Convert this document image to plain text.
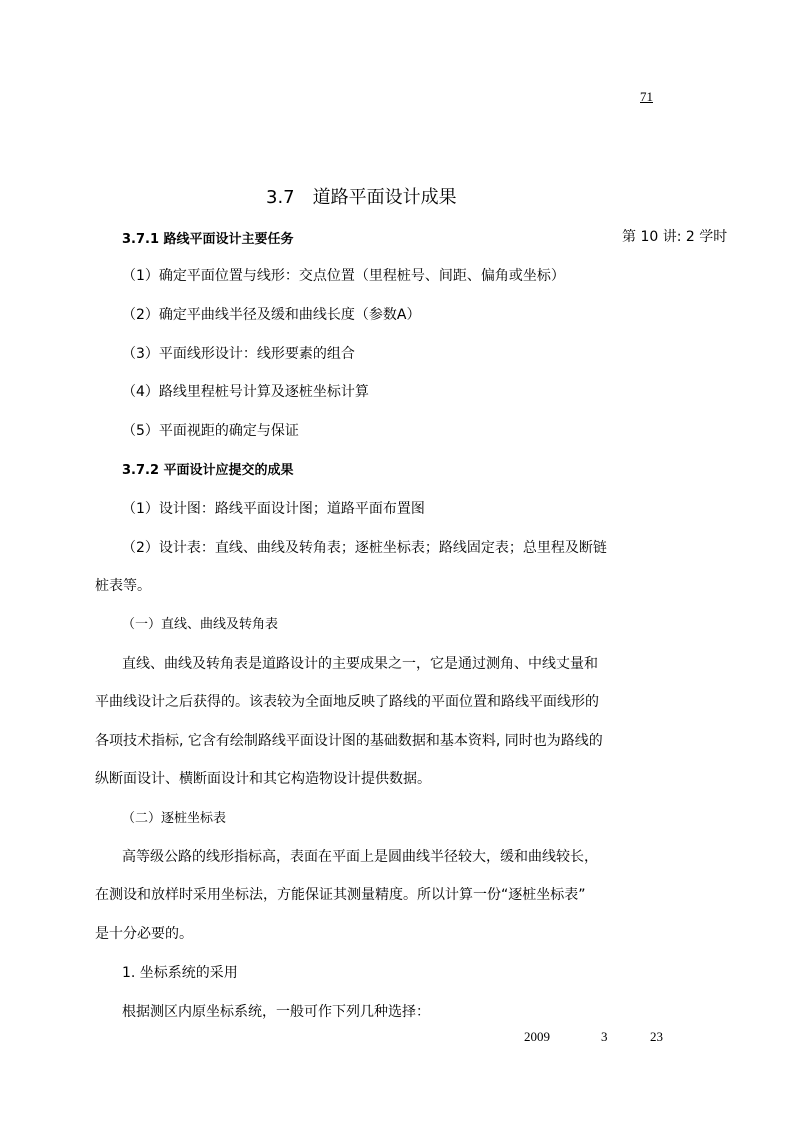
71
3.7　道路平面设计成果
3.7.1 路线平面设计主要任务	第 10 讲: 2 学时
（1）确定平面位置与线形：交点位置（里程桩号、间距、偏角或坐标）
（2）确定平曲线半径及缓和曲线长度（参数A）
（3）平面线形设计：线形要素的组合
（4）路线里程桩号计算及逐桩坐标计算
（5）平面视距的确定与保证
3.7.2 平面设计应提交的成果
（1）设计图：路线平面设计图；道路平面布置图
（2）设计表：直线、曲线及转角表；逐桩坐标表；路线固定表；总里程及断链
桩表等。
（一）直线、曲线及转角表
直线、曲线及转角表是道路设计的主要成果之一，它是通过测角、中线丈量和
平曲线设计之后获得的。该表较为全面地反映了路线的平面位置和路线平面线形的
各项技术指标, 它含有绘制路线平面设计图的基础数据和基本资料, 同时也为路线的
纵断面设计、横断面设计和其它构造物设计提供数据。
（二）逐桩坐标表
高等级公路的线形指标高，表面在平面上是圆曲线半径较大，缓和曲线较长，
在测设和放样时采用坐标法，方能保证其测量精度。所以计算一份“逐桩坐标表”
是十分必要的。
1. 坐标系统的采用
根据测区内原坐标系统，一般可作下列几种选择：
2009	3	23
